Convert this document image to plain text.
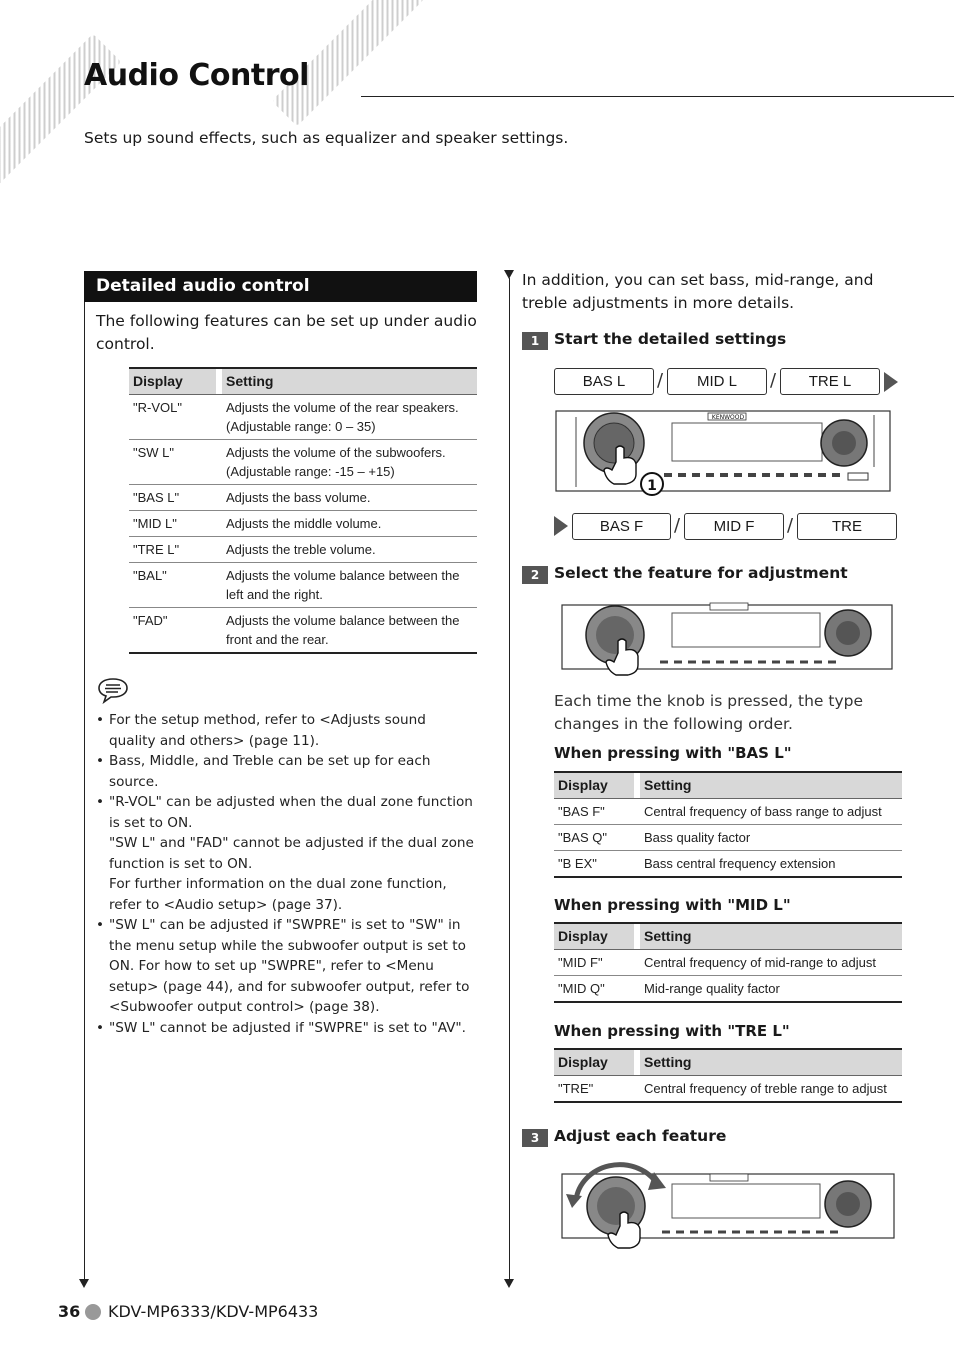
Audio Control
Sets up sound effects, such as equalizer and speaker settings.
Detailed audio control
The following features can be set up under audio control.
Display		Setting
"R-VOL"		Adjusts the volume of the rear speakers. (Adjustable range: 0 – 35)
"SW L"		Adjusts the volume of the subwoofers. (Adjustable range: -15 – +15)
"BAS L"		Adjusts the bass volume.
"MID L"		Adjusts the middle volume.
"TRE L"		Adjusts the treble volume.
"BAL"		Adjusts the volume balance between the left and the right.
"FAD"		Adjusts the volume balance between the front and the rear.
• For the setup method, refer to <Adjusts sound quality and others> (page 11).
• Bass, Middle, and Treble can be set up for each source.
• "R-VOL" can be adjusted when the dual zone function is set to ON.
"SW L" and "FAD" cannot be adjusted if the dual zone function is set to ON.
For further information on the dual zone function, refer to <Audio setup> (page 37).
• "SW L" can be adjusted if "SWPRE" is set to "SW" in the menu setup while the subwoofer output is set to ON. For how to set up "SWPRE", refer to <Menu setup> (page 44), and for subwoofer output, refer to <Subwoofer output control> (page 38).
• "SW L" cannot be adjusted if "SWPRE" is set to "AV".
In addition, you can set bass, mid-range, and treble adjustments in more details.
1 Start the detailed settings
BAS L	/	MID L	/	TRE L
1
KENWOOD
BAS F	/	MID F	/	TRE
2 Select the feature for adjustment
Each time the knob is pressed, the type changes in the following order.
When pressing with "BAS L"
Display		Setting
"BAS F"		Central frequency of bass range to adjust
"BAS Q"		Bass quality factor
"B EX"		Bass central frequency extension
When pressing with "MID L"
Display		Setting
"MID F"		Central frequency of mid-range to adjust
"MID Q"		Mid-range quality factor
When pressing with "TRE L"
Display		Setting
"TRE"		Central frequency of treble range to adjust
3 Adjust each feature
36 KDV-MP6333/KDV-MP6433
